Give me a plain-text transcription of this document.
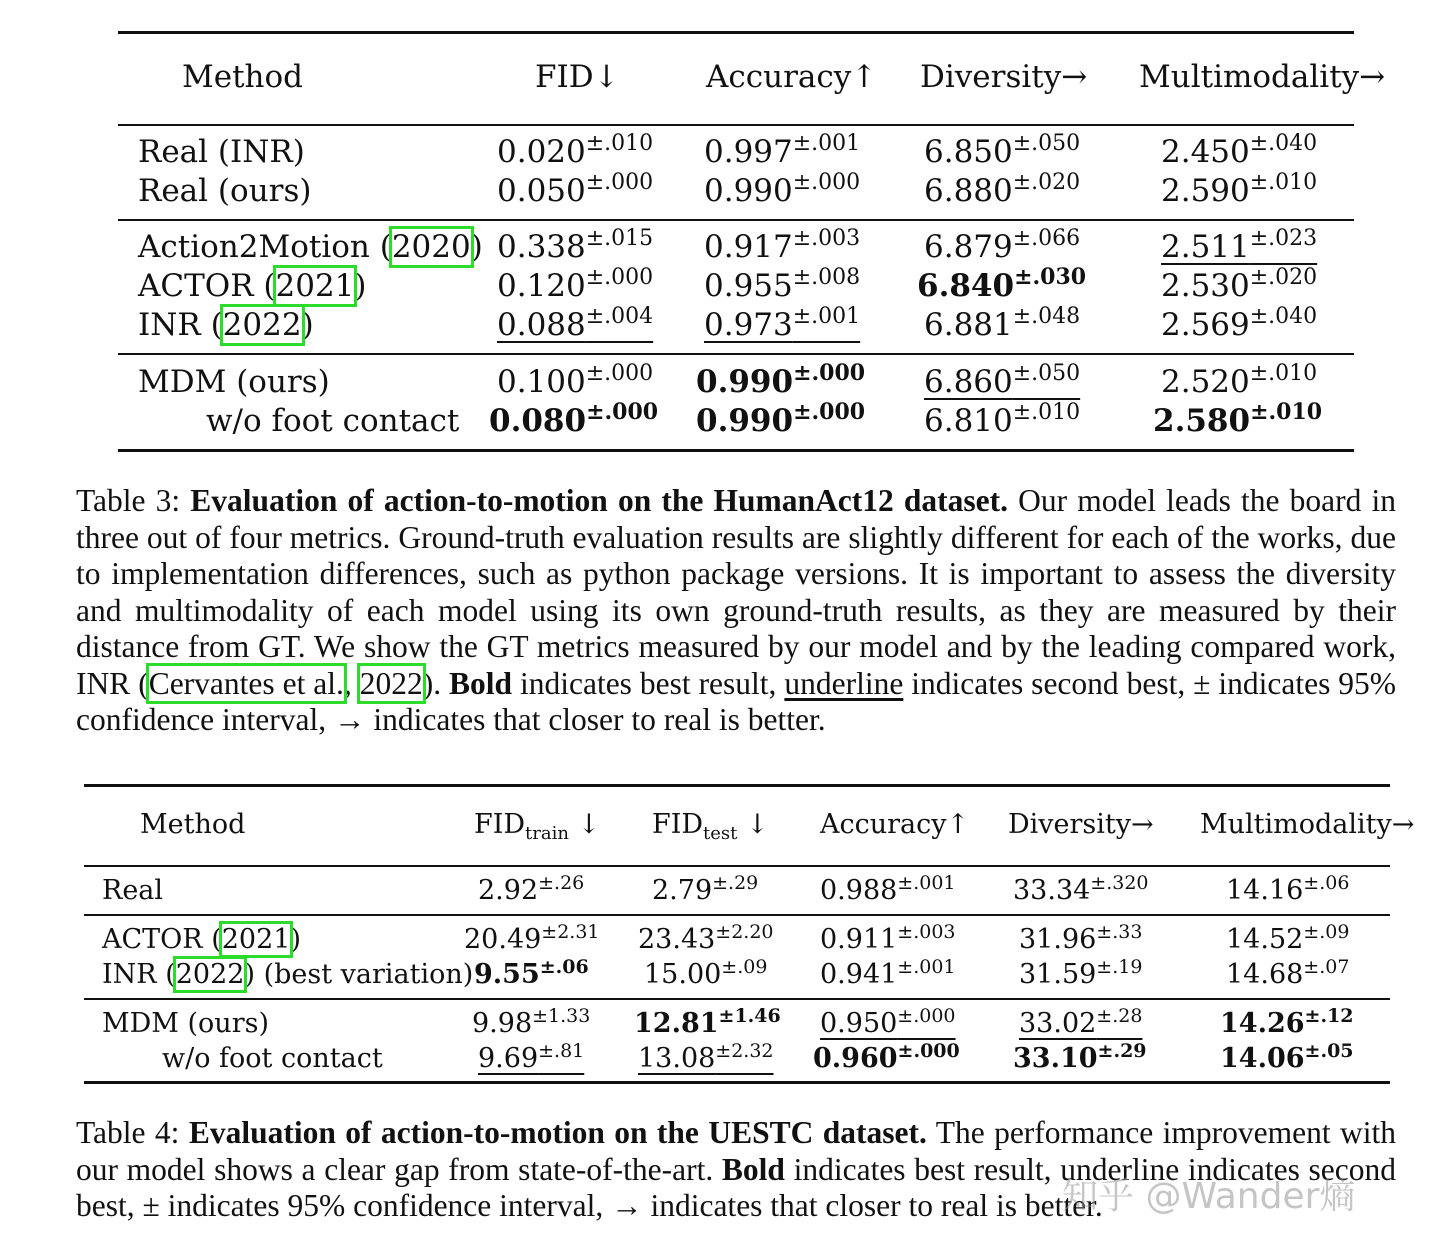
Method	FID↓	Accuracy↑ Diversity→ Multimodality→
Real (INR)	$0.020^{\pm.010}$ $0.997^{\pm.001}$ $6.850^{\pm.050}$	$2.450^{\pm.040}$
Real (ours)	$0.050^{\pm.000}$ $0.990^{\pm.000}$ $6.880^{\pm.020}$	$2.590^{\pm.010}$
Action2Motion (2020) $0.338^{\pm.015}$ $0.917^{\pm.003}$ $6.879^{\pm.066}$	$2.511^{\pm.023}$
ACTOR (2021)	$0.120^{\pm.000}$ $0.955^{\pm.008}$ $6.840^{\pm.030}$ $2.530^{\pm.020}$
INR (2022)	$0.088^{\pm.004}$ $0.973^{\pm.001}$ $6.881^{\pm.048}$	$2.569^{\pm.040}$
MDM (ours)	$0.100^{\pm.000}$ $0.990^{\pm.000}$ $6.860^{\pm.050}$	$2.520^{\pm.010}$
w/o foot contact $0.080^{\pm.000}$ $0.990^{\pm.000}$ $6.810^{\pm.010}$ $2.580^{\pm.010}$
Table 3: Evaluation of action-to-motion on the HumanAct12 dataset. Our model leads the board in three out of four metrics. Ground-truth evaluation results are slightly different for each of the works, due to implementation differences, such as python package versions. It is important to assess the diversity and multimodality of each model using its own ground-truth results, as they are measured by their distance from GT. We show the GT metrics measured by our model and by the leading compared work, INR (Cervantes et al., 2022). Bold indicates best result, underline indicates second best, ± indicates 95% confidence interval, → indicates that closer to real is better.
Method	$FID_{train}$ ↓ $FID_{test}$ ↓ Accuracy↑ Diversity→ Multimodality→
Real	$2.92^{\pm.26}$	$2.79^{\pm.29}$ $0.988^{\pm.001}$ $33.34^{\pm.320}$	$14.16^{\pm.06}$
ACTOR (2021)	$20.49^{\pm 2.31}$ $23.43^{\pm 2.20}$ $0.911^{\pm.003}$ $31.96^{\pm.33}$	$14.52^{\pm.09}$
INR (2022) (best variation) $9.55^{\pm.06}$ $15.00^{\pm.09}$ $0.941^{\pm.001}$ $31.59^{\pm.19}$	$14.68^{\pm.07}$
MDM (ours)	$9.98^{\pm 1.33}$ $12.81^{\pm 1.46}$ $0.950^{\pm.000}$ $33.02^{\pm.28}$	$14.26^{\pm.12}$
w/o foot contact	$9.69^{\pm.81}$ $13.08^{\pm 2.32}$ $0.960^{\pm.000}$ $33.10^{\pm.29}$	$14.06^{\pm.05}$
Table 4: Evaluation of action-to-motion on the UESTC dataset. The performance improvement with our model shows a clear gap from state-of-the-art. Bold indicates best result, underline indicates second best, ± indicates 95% confidence interval, → indicates that closer to real is better.
知乎 @Wander熵
